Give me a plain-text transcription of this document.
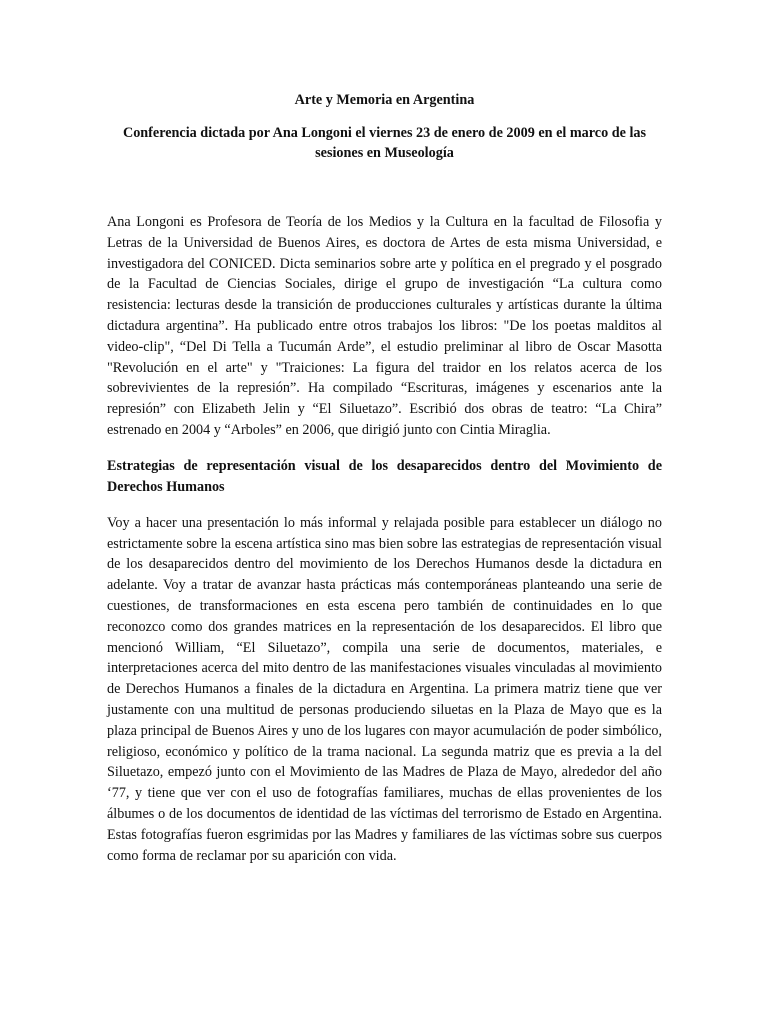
Arte y Memoria en Argentina
Conferencia dictada por Ana Longoni el viernes 23 de enero de 2009 en el marco de las sesiones en Museología
Ana Longoni es Profesora de Teoría de los Medios y la Cultura en la facultad de Filosofia y Letras de la Universidad de Buenos Aires, es doctora de Artes de esta misma Universidad, e investigadora del CONICED. Dicta seminarios sobre arte y política en el pregrado y el posgrado de la Facultad de Ciencias Sociales, dirige el grupo de investigación “La cultura como resistencia: lecturas desde la transición de producciones culturales y artísticas durante la última dictadura argentina”. Ha publicado entre otros trabajos los libros: "De los poetas malditos al video-clip", “Del Di Tella a Tucumán Arde”, el estudio preliminar al libro de Oscar Masotta "Revolución en el arte" y "Traiciones: La figura del traidor en los relatos acerca de los sobrevivientes de la represión”. Ha compilado “Escrituras, imágenes y escenarios ante la represión” con Elizabeth Jelin y “El Siluetazo”. Escribió dos obras de teatro: “La Chira” estrenado en 2004 y “Arboles” en 2006, que dirigió junto con Cintia Miraglia.
Estrategias de representación visual de los desaparecidos dentro del Movimiento de Derechos Humanos
Voy a hacer una presentación lo más informal y relajada posible para establecer un diálogo no estrictamente sobre la escena artística sino mas bien sobre las estrategias de representación visual de los desaparecidos dentro del movimiento de los Derechos Humanos desde la dictadura en adelante. Voy a tratar de avanzar hasta prácticas más contemporáneas planteando una serie de cuestiones, de transformaciones en esta escena pero también de continuidades en lo que reconozco como dos grandes matrices en la representación de los desaparecidos. El libro que mencionó William, “El Siluetazo”, compila una serie de documentos, materiales, e interpretaciones acerca del mito dentro de las manifestaciones visuales vinculadas al movimiento de Derechos Humanos a finales de la dictadura en Argentina. La primera matriz tiene que ver justamente con una multitud de personas produciendo siluetas en la Plaza de Mayo que es la plaza principal de Buenos Aires y uno de los lugares con mayor acumulación de poder simbólico, religioso, económico y político de la trama nacional. La segunda matriz que es previa a la del Siluetazo, empezó junto con el Movimiento de las Madres de Plaza de Mayo, alrededor del año ‘77, y tiene que ver con el uso de fotografías familiares, muchas de ellas provenientes de los álbumes o de los documentos de identidad de las víctimas del terrorismo de Estado en Argentina. Estas fotografías fueron esgrimidas por las Madres y familiares de las víctimas sobre sus cuerpos como forma de reclamar por su aparición con vida.
